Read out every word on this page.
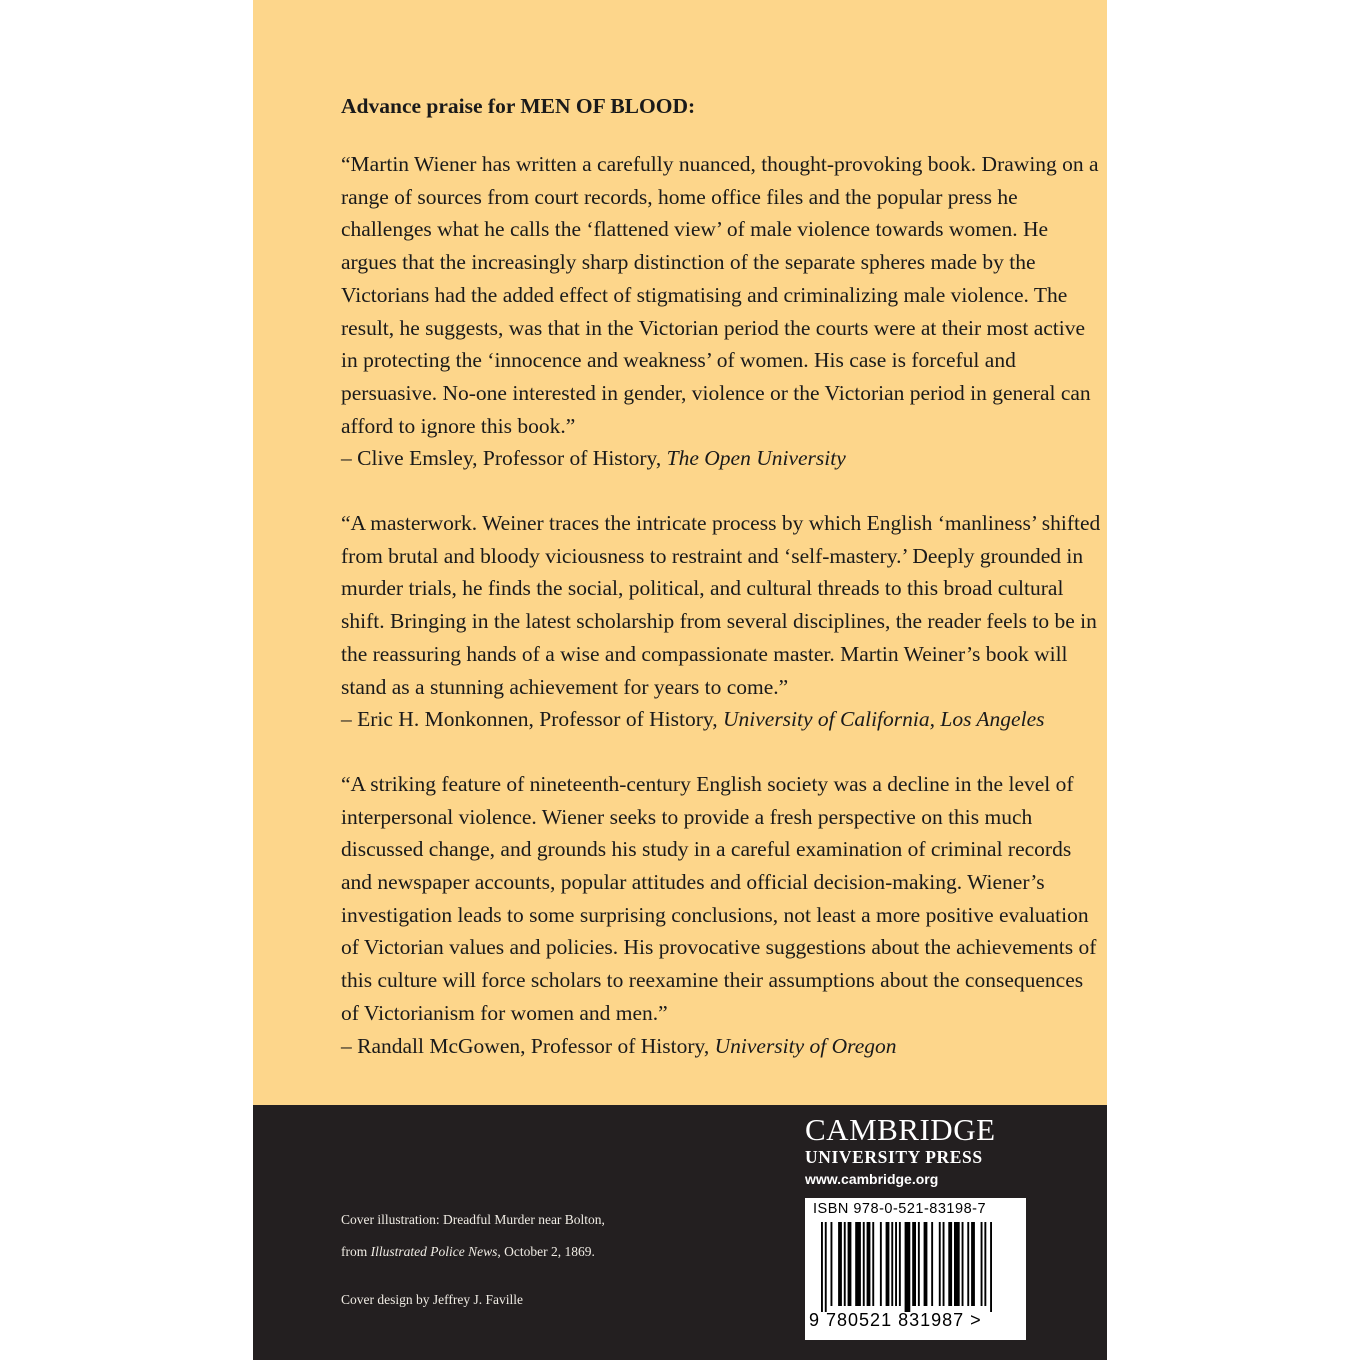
Advance praise for MEN OF BLOOD:

“Martin Wiener has written a carefully nuanced, thought-provoking book. Drawing on a range of sources from court records, home office files and the popular press he challenges what he calls the ‘flattened view’ of male violence towards women. He argues that the increasingly sharp distinction of the separate spheres made by the Victorians had the added effect of stigmatising and criminalizing male violence. The result, he suggests, was that in the Victorian period the courts were at their most active in protecting the ‘innocence and weakness’ of women. His case is forceful and persuasive. No-one interested in gender, violence or the Victorian period in general can afford to ignore this book.”

– Clive Emsley, Professor of History, The Open University

“A masterwork. Weiner traces the intricate process by which English ‘manliness’ shifted from brutal and bloody viciousness to restraint and ‘self-mastery.’ Deeply grounded in murder trials, he finds the social, political, and cultural threads to this broad cultural shift. Bringing in the latest scholarship from several disciplines, the reader feels to be in the reassuring hands of a wise and compassionate master. Martin Weiner’s book will stand as a stunning achievement for years to come.”

– Eric H. Monkonnen, Professor of History, University of California, Los Angeles

“A striking feature of nineteenth-century English society was a decline in the level of interpersonal violence. Wiener seeks to provide a fresh perspective on this much discussed change, and grounds his study in a careful examination of criminal records and newspaper accounts, popular attitudes and official decision-making. Wiener’s investigation leads to some surprising conclusions, not least a more positive evaluation of Victorian values and policies. His provocative suggestions about the achievements of this culture will force scholars to reexamine their assumptions about the consequences of Victorianism for women and men.”

– Randall McGowen, Professor of History, University of Oregon

Cover illustration: Dreadful Murder near Bolton,

from Illustrated Police News, October 2, 1869.

Cover design by Jeffrey J. Faville

CAMBRIDGE
UNIVERSITY PRESS
www.cambridge.org
ISBN 978-0-521-83198-7
9 780521 831987 >
